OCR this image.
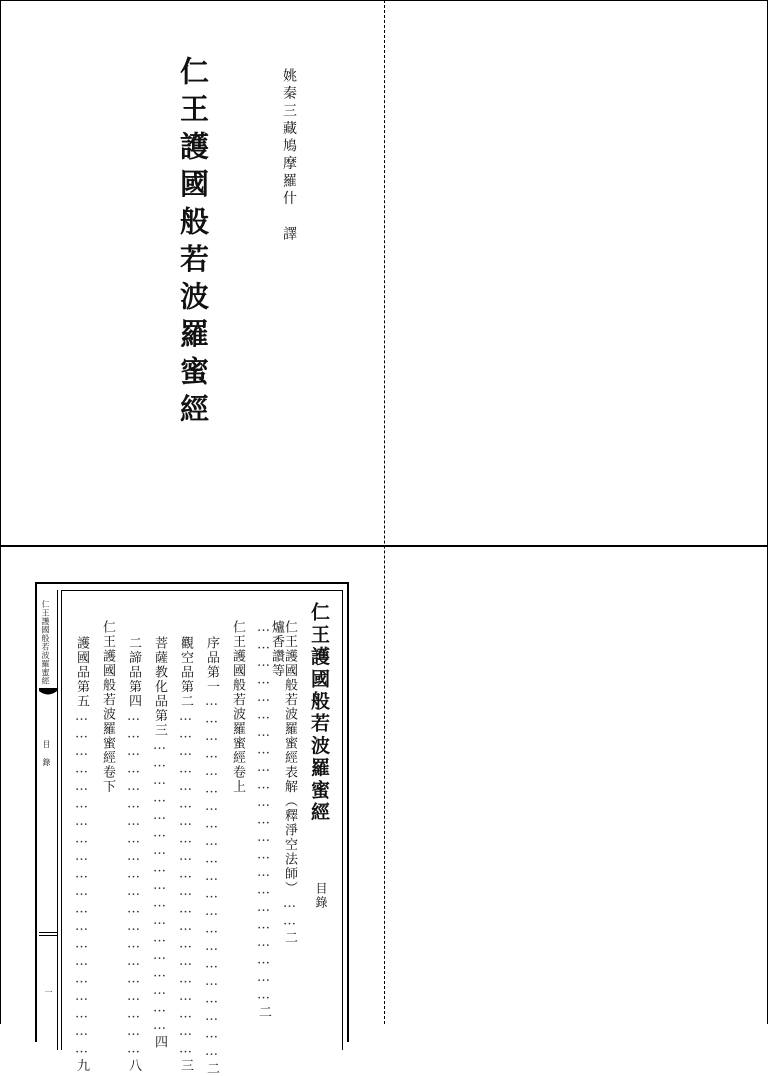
仁王護國般若波羅蜜經	姚秦三藏鳩摩羅什譯
仁王護國般若波羅蜜經
目錄
一
仁王護國般若波羅蜜經
目錄
仁王護國般若波羅蜜經表解（釋淨空法師）……二
爐香讚等…………………………………………………………二
仁王護國般若波羅蜜經卷上
序品第一………………………………………………………二
觀空品第二……………………………………………………三
菩薩教化品第三……………………………………………四
二諦品第四……………………………………………………八
仁王護國般若波羅蜜經卷下
護國品第五……………………………………………………九
